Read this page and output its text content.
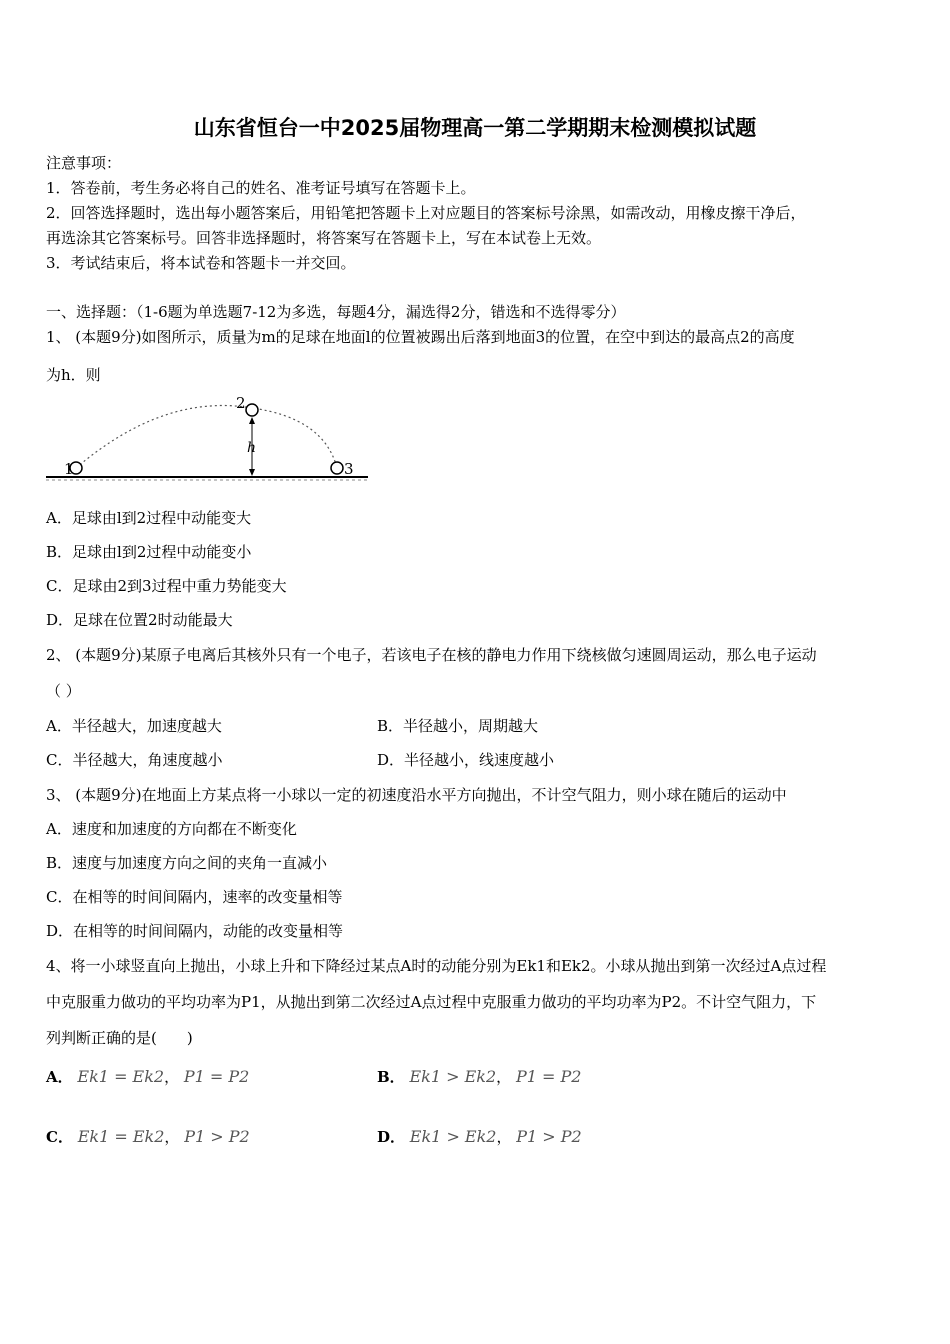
山东省恒台一中2025届物理高一第二学期期末检测模拟试题
注意事项：
1．答卷前，考生务必将自己的姓名、准考证号填写在答题卡上。
2．回答选择题时，选出每小题答案后，用铅笔把答题卡上对应题目的答案标号涂黑，如需改动，用橡皮擦干净后，
再选涂其它答案标号。回答非选择题时，将答案写在答题卡上，写在本试卷上无效。
3．考试结束后，将本试卷和答题卡一并交回。
一、选择题：（1-6题为单选题7-12为多选，每题4分，漏选得2分，错选和不选得零分）
1、 (本题9分)如图所示，质量为m的足球在地面l的位置被踢出后落到地面3的位置，在空中到达的最高点2的高度
为h．则
1
2
3
h
A．足球由l到2过程中动能变大
B．足球由l到2过程中动能变小
C．足球由2到3过程中重力势能变大
D．足球在位置2时动能最大
2、 (本题9分)某原子电离后其核外只有一个电子，若该电子在核的静电力作用下绕核做匀速圆周运动，那么电子运动
（ ）
A．半径越大，加速度越大	B．半径越小，周期越大
C．半径越大，角速度越小	D．半径越小，线速度越小
3、 (本题9分)在地面上方某点将一小球以一定的初速度沿水平方向抛出，不计空气阻力，则小球在随后的运动中
A．速度和加速度的方向都在不断变化
B．速度与加速度方向之间的夹角一直减小
C．在相等的时间间隔内，速率的改变量相等
D．在相等的时间间隔内，动能的改变量相等
4、将一小球竖直向上抛出，小球上升和下降经过某点A时的动能分别为Ek1和Ek2。小球从抛出到第一次经过A点过程
中克服重力做功的平均功率为P1，从抛出到第二次经过A点过程中克服重力做功的平均功率为P2。不计空气阻力，下
列判断正确的是(　　)
A． Ek1 = Ek2， P1 = P2	B． Ek1 > Ek2， P1 = P2
C． Ek1 = Ek2， P1 > P2	D． Ek1 > Ek2， P1 > P2
